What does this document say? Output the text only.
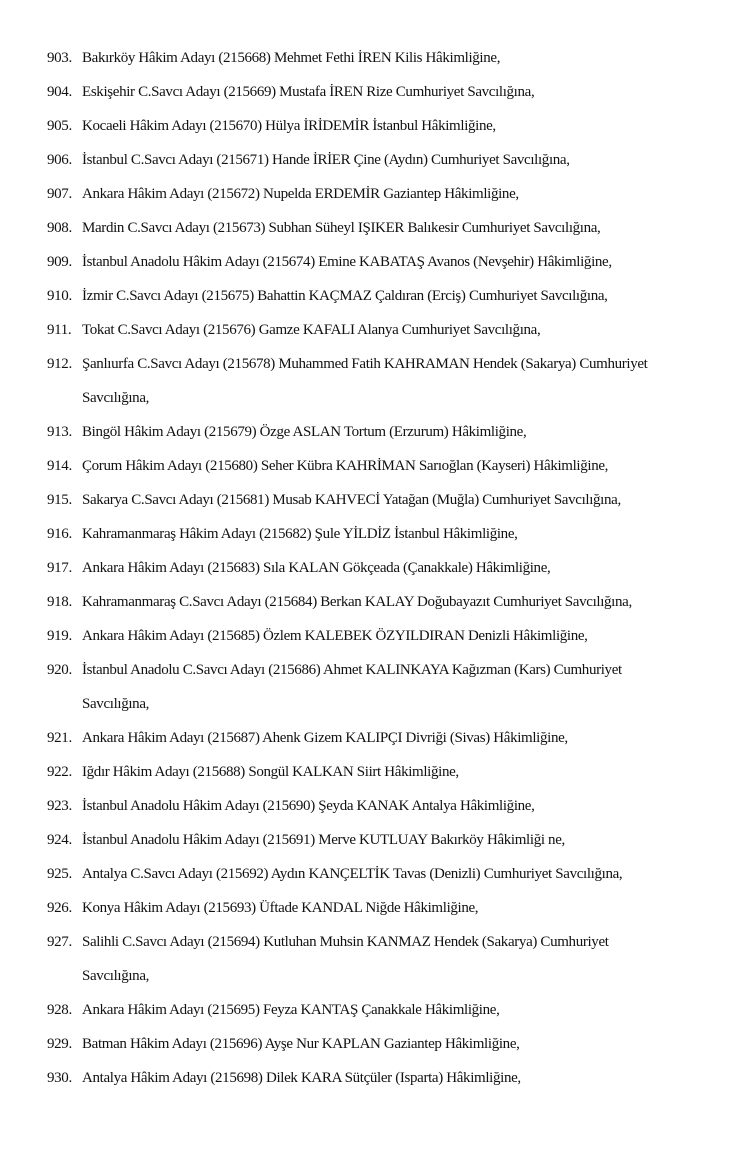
903. Bakırköy Hâkim Adayı (215668) Mehmet Fethi İREN Kilis Hâkimliğine,
904. Eskişehir C.Savcı Adayı (215669) Mustafa İREN Rize Cumhuriyet Savcılığına,
905. Kocaeli Hâkim Adayı (215670) Hülya İRİDEMİR İstanbul Hâkimliğine,
906. İstanbul C.Savcı Adayı (215671) Hande İRİER Çine (Aydın) Cumhuriyet Savcılığına,
907. Ankara Hâkim Adayı (215672) Nupelda ERDEMİR Gaziantep Hâkimliğine,
908. Mardin C.Savcı Adayı (215673) Subhan Süheyl IŞIKER Balıkesir Cumhuriyet Savcılığına,
909. İstanbul Anadolu Hâkim Adayı (215674) Emine KABATAŞ Avanos (Nevşehir) Hâkimliğine,
910. İzmir C.Savcı Adayı (215675) Bahattin KAÇMAZ Çaldıran (Erciş) Cumhuriyet Savcılığına,
911. Tokat C.Savcı Adayı (215676) Gamze KAFALI Alanya Cumhuriyet Savcılığına,
912. Şanlıurfa C.Savcı Adayı (215678) Muhammed Fatih KAHRAMAN Hendek (Sakarya) Cumhuriyet
Savcılığına,
913. Bingöl Hâkim Adayı (215679) Özge ASLAN Tortum (Erzurum) Hâkimliğine,
914. Çorum Hâkim Adayı (215680) Seher Kübra KAHRİMAN Sarıoğlan (Kayseri) Hâkimliğine,
915. Sakarya C.Savcı Adayı (215681) Musab KAHVECİ Yatağan (Muğla) Cumhuriyet Savcılığına,
916. Kahramanmaraş Hâkim Adayı (215682) Şule YİLDİZ İstanbul Hâkimliğine,
917. Ankara Hâkim Adayı (215683) Sıla KALAN Gökçeada (Çanakkale) Hâkimliğine,
918. Kahramanmaraş C.Savcı Adayı (215684) Berkan KALAY Doğubayazıt Cumhuriyet Savcılığına,
919. Ankara Hâkim Adayı (215685) Özlem KALEBEK ÖZYILDIRAN Denizli Hâkimliğine,
920. İstanbul Anadolu C.Savcı Adayı (215686) Ahmet KALINKAYA Kağızman (Kars) Cumhuriyet
Savcılığına,
921. Ankara Hâkim Adayı (215687) Ahenk Gizem KALIPÇI Divriği (Sivas) Hâkimliğine,
922. Iğdır Hâkim Adayı (215688) Songül KALKAN Siirt Hâkimliğine,
923. İstanbul Anadolu Hâkim Adayı (215690) Şeyda KANAK Antalya Hâkimliğine,
924. İstanbul Anadolu Hâkim Adayı (215691) Merve KUTLUAY Bakırköy Hâkimliği ne,
925. Antalya C.Savcı Adayı (215692) Aydın KANÇELTİK Tavas (Denizli) Cumhuriyet Savcılığına,
926. Konya Hâkim Adayı (215693) Üftade KANDAL Niğde Hâkimliğine,
927. Salihli C.Savcı Adayı (215694) Kutluhan Muhsin KANMAZ Hendek (Sakarya) Cumhuriyet
Savcılığına,
928. Ankara Hâkim Adayı (215695) Feyza KANTAŞ Çanakkale Hâkimliğine,
929. Batman Hâkim Adayı (215696) Ayşe Nur KAPLAN Gaziantep Hâkimliğine,
930. Antalya Hâkim Adayı (215698) Dilek KARA Sütçüler (Isparta) Hâkimliğine,
